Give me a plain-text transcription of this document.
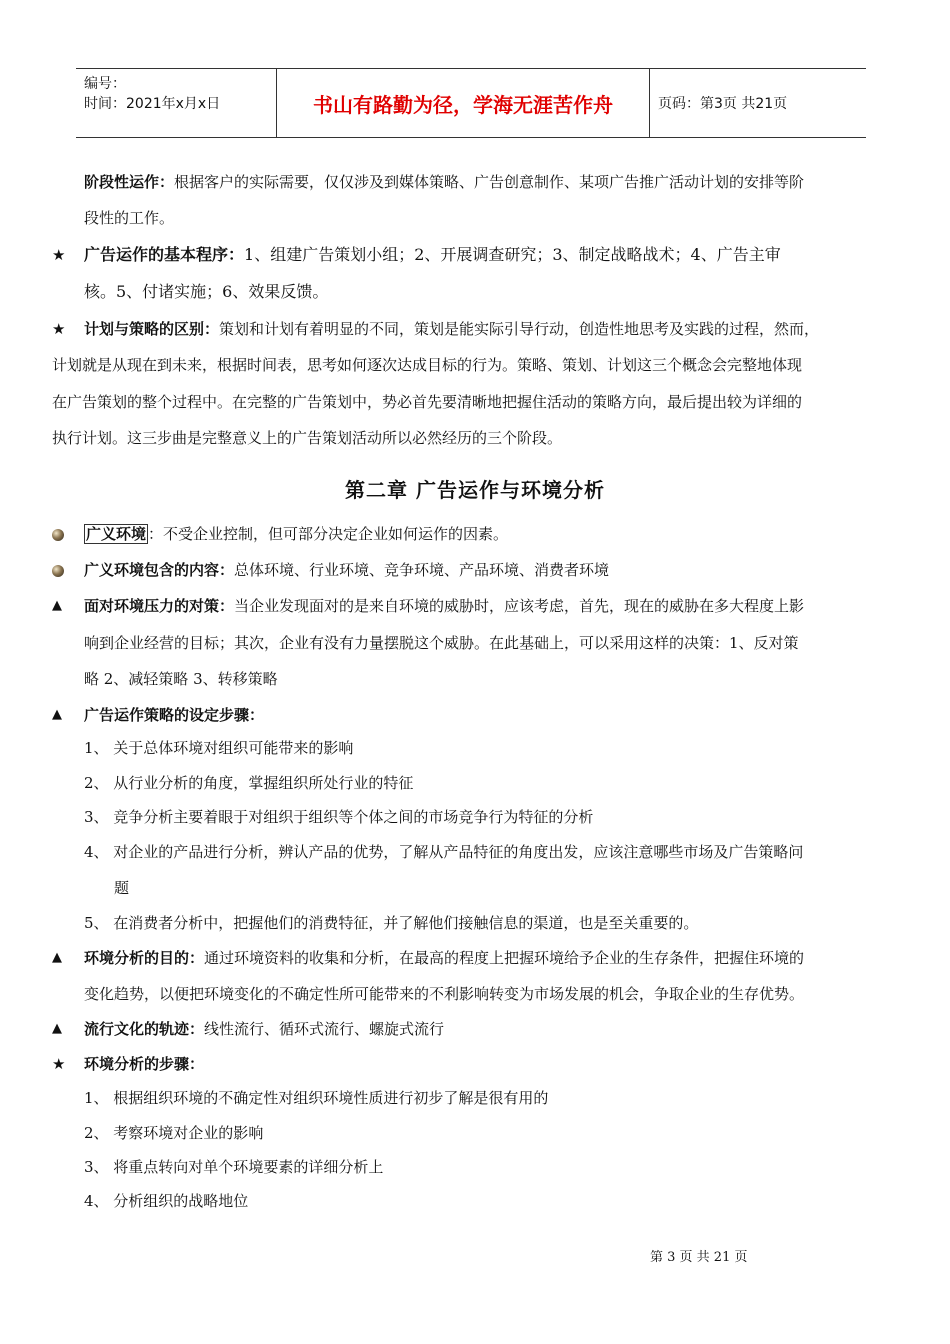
编号：
时间：2021年x月x日	书山有路勤为径，学海无涯苦作舟	页码：第3页 共21页
阶段性运作：根据客户的实际需要，仅仅涉及到媒体策略、广告创意制作、某项广告推广活动计划的安排等阶
段性的工作。
★ 广告运作的基本程序：1、组建广告策划小组；2、开展调查研究；3、制定战略战术；4、广告主审
核。5、付诸实施；6、效果反馈。
★ 计划与策略的区别：策划和计划有着明显的不同，策划是能实际引导行动，创造性地思考及实践的过程，然而，
计划就是从现在到未来，根据时间表，思考如何逐次达成目标的行为。策略、策划、计划这三个概念会完整地体现
在广告策划的整个过程中。在完整的广告策划中，势必首先要清晰地把握住活动的策略方向，最后提出较为详细的
执行计划。这三步曲是完整意义上的广告策划活动所以必然经历的三个阶段。
第二章 广告运作与环境分析
广义环境 ：不受企业控制，但可部分决定企业如何运作的因素。
广义环境包含的内容：总体环境、行业环境、竞争环境、产品环境、消费者环境
▲ 面对环境压力的对策：当企业发现面对的是来自环境的威胁时，应该考虑，首先，现在的威胁在多大程度上影
响到企业经营的目标；其次，企业有没有力量摆脱这个威胁。在此基础上，可以采用这样的决策：1、反对策
略 2、减轻策略 3、转移策略
▲ 广告运作策略的设定步骤：
1、 关于总体环境对组织可能带来的影响
2、 从行业分析的角度，掌握组织所处行业的特征
3、 竞争分析主要着眼于对组织于组织等个体之间的市场竞争行为特征的分析
4、 对企业的产品进行分析，辨认产品的优势，了解从产品特征的角度出发，应该注意哪些市场及广告策略问
题
5、 在消费者分析中，把握他们的消费特征，并了解他们接触信息的渠道，也是至关重要的。
▲ 环境分析的目的：通过环境资料的收集和分析，在最高的程度上把握环境给予企业的生存条件，把握住环境的
变化趋势，以便把环境变化的不确定性所可能带来的不利影响转变为市场发展的机会，争取企业的生存优势。
▲ 流行文化的轨迹：线性流行、循环式流行、螺旋式流行
★ 环境分析的步骤：
1、 根据组织环境的不确定性对组织环境性质进行初步了解是很有用的
2、 考察环境对企业的影响
3、 将重点转向对单个环境要素的详细分析上
4、 分析组织的战略地位
第 3 页 共 21 页
